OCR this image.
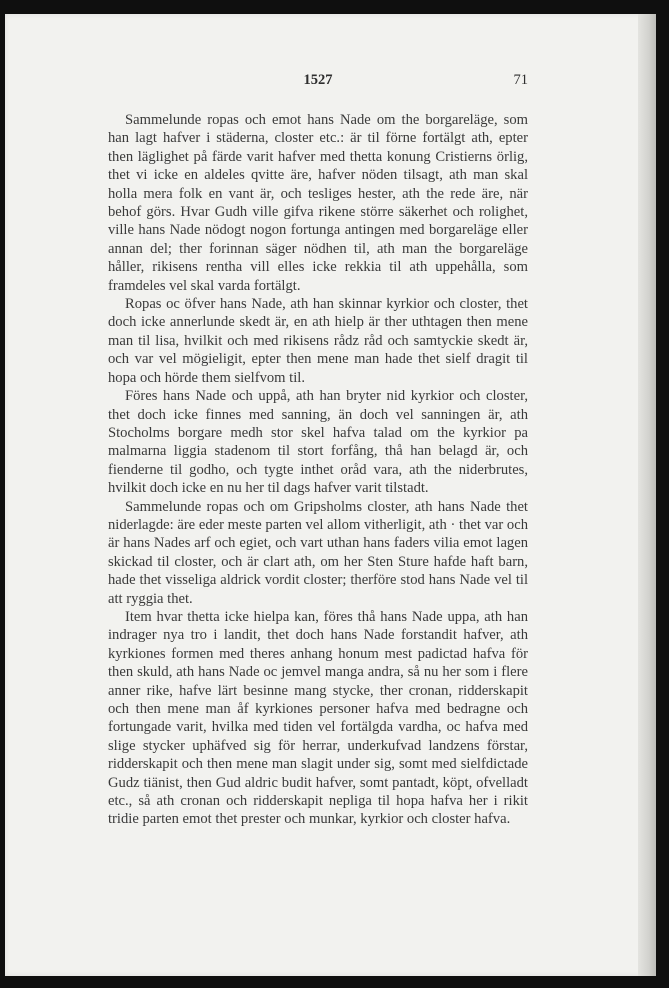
1527	71

Sammelunde ropas och emot hans Nade om the borgareläge, som han lagt hafver i städerna, closter etc.: är til förne fortälgt ath, epter then läglighet på färde varit hafver med thetta konung Cristierns örlig, thet vi icke en aldeles qvitte äre, hafver nöden tilsagt, ath man skal holla mera folk en vant är, och tesliges hester, ath the rede äre, när behof görs. Hvar Gudh ville gifva rikene större säkerhet och rolighet, ville hans Nade nödogt nogon fortunga antingen med borgareläge eller annan del; ther forinnan säger nödhen til, ath man the borgareläge håller, rikisens rentha vill elles icke rekkia til ath uppehålla, som framdeles vel skal varda fortälgt.

Ropas oc öfver hans Nade, ath han skinnar kyrkior och closter, thet doch icke annerlunde skedt är, en ath hielp är ther uthtagen then mene man til lisa, hvilkit och med rikisens rådz råd och samtyckie skedt är, och var vel mögieligit, epter then mene man hade thet sielf dragit til hopa och hörde them sielfvom til.

Föres hans Nade och uppå, ath han bryter nid kyrkior och closter, thet doch icke finnes med sanning, än doch vel sanningen är, ath Stocholms borgare medh stor skel hafva talad om the kyrkior pa malmarna liggia stadenom til stort forfång, thå han belagd är, och fienderne til godho, och tygte inthet oråd vara, ath the niderbrutes, hvilkit doch icke en nu her til dags hafver varit tilstadt.

Sammelunde ropas och om Gripsholms closter, ath hans Nade thet niderlagde: äre eder meste parten vel allom vitherligit, ath · thet var och är hans Nades arf och egiet, och vart uthan hans faders vilia emot lagen skickad til closter, och är clart ath, om her Sten Sture hafde haft barn, hade thet visseliga aldrick vordit closter; therföre stod hans Nade vel til att ryggia thet.

Item hvar thetta icke hielpa kan, föres thå hans Nade uppa, ath han indrager nya tro i landit, thet doch hans Nade forstandit hafver, ath kyrkiones formen med theres anhang honum mest padictad hafva för then skuld, ath hans Nade oc jemvel manga andra, så nu her som i flere anner rike, hafve lärt besinne mang stycke, ther cronan, ridderskapit och then mene man åf kyrkiones personer hafva med bedragne och fortungade varit, hvilka med tiden vel fortälgda vardha, oc hafva med slige stycker uphäfved sig för herrar, underkufvad landzens förstar, ridderskapit och then mene man slagit under sig, somt med sielfdictade Gudz tiänist, then Gud aldric budit hafver, somt pantadt, köpt, ofvelladt etc., så ath cronan och ridderskapit nepliga til hopa hafva her i rikit tridie parten emot thet prester och munkar, kyrkior och closter hafva.
